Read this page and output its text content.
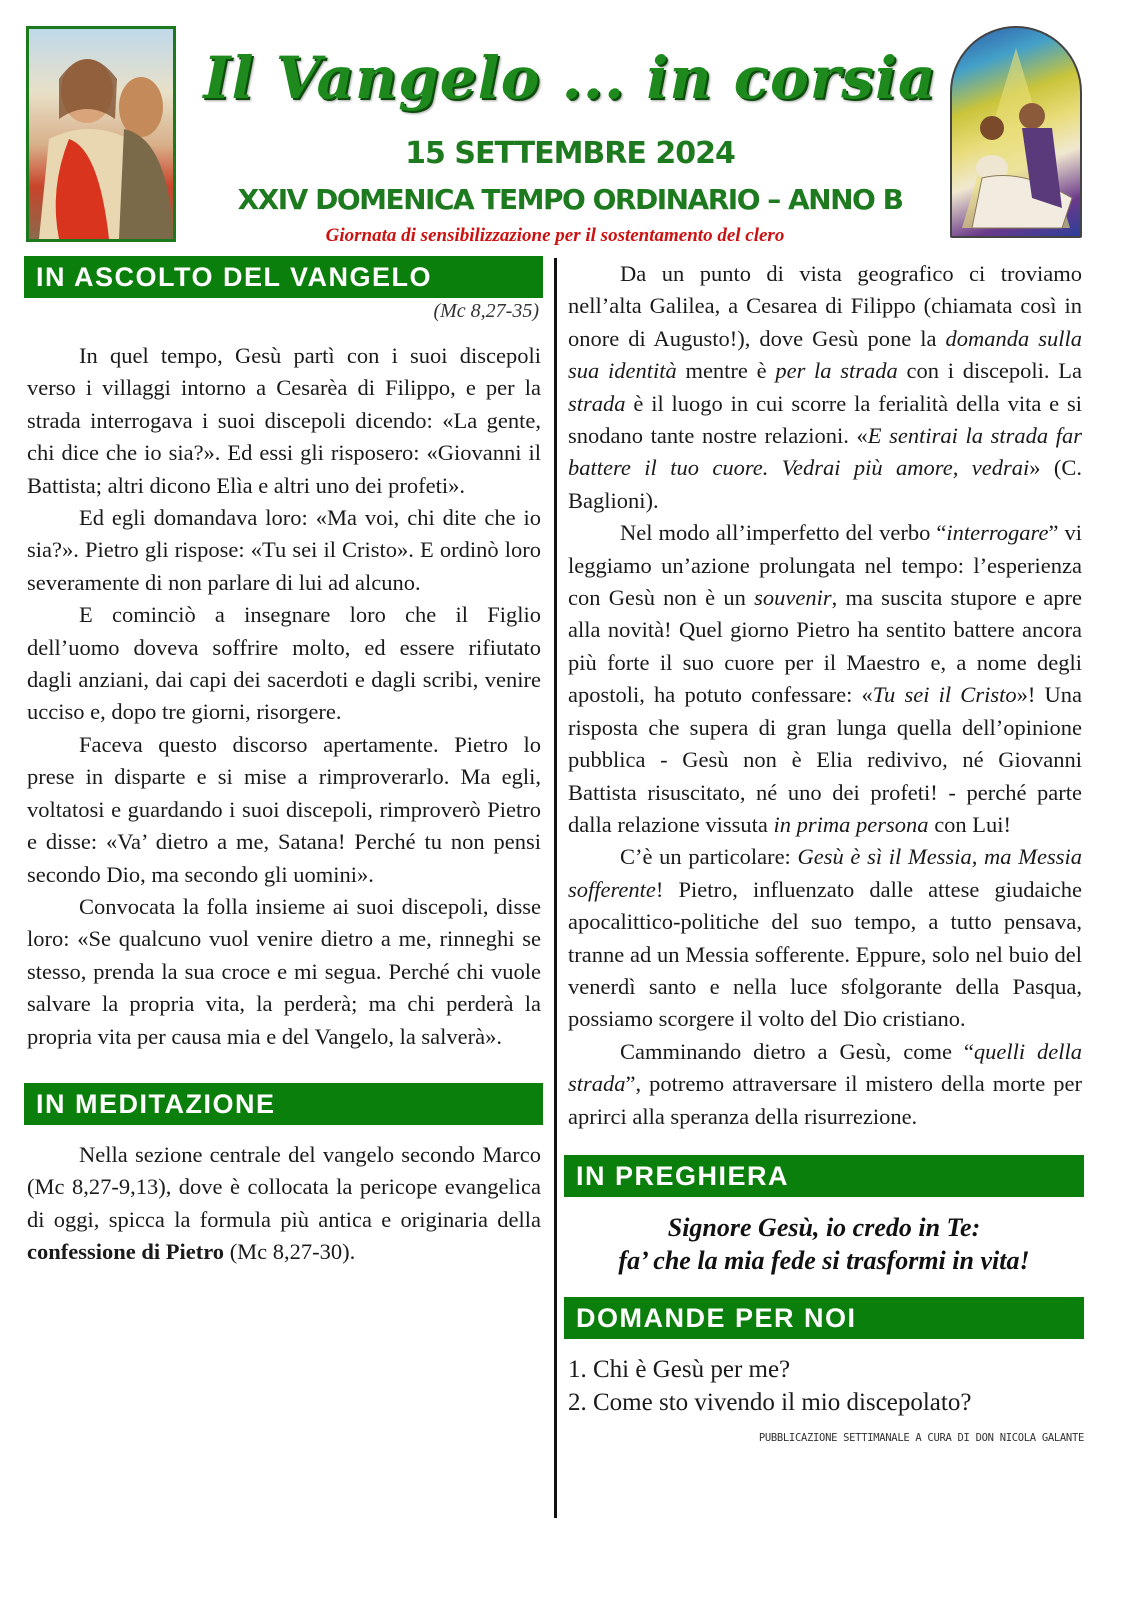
Il Vangelo ... in corsia
15 SETTEMBRE 2024
XXIV DOMENICA TEMPO ORDINARIO – ANNO B
Giornata di sensibilizzazione per il sostentamento del clero
IN ASCOLTO DEL VANGELO
(Mc 8,27-35)

In quel tempo, Gesù partì con i suoi discepoli verso i villaggi intorno a Cesarèa di Filippo, e per la strada interrogava i suoi discepoli dicendo: «La gente, chi dice che io sia?». Ed essi gli risposero: «Giovanni il Battista; altri dicono Elìa e altri uno dei profeti».

Ed egli domandava loro: «Ma voi, chi dite che io sia?». Pietro gli rispose: «Tu sei il Cristo». E ordinò loro severamente di non parlare di lui ad alcuno.

E cominciò a insegnare loro che il Figlio dell’uomo doveva soffrire molto, ed essere rifiutato dagli anziani, dai capi dei sacerdoti e dagli scribi, venire ucciso e, dopo tre giorni, risorgere.

Faceva questo discorso apertamente. Pietro lo prese in disparte e si mise a rimproverarlo. Ma egli, voltatosi e guardando i suoi discepoli, rimproverò Pietro e disse: «Va’ dietro a me, Satana! Perché tu non pensi secondo Dio, ma secondo gli uomini».

Convocata la folla insieme ai suoi discepoli, disse loro: «Se qualcuno vuol venire dietro a me, rinneghi se stesso, prenda la sua croce e mi segua. Perché chi vuole salvare la propria vita, la perderà; ma chi perderà la propria vita per causa mia e del Vangelo, la salverà».

IN MEDITAZIONE

Nella sezione centrale del vangelo secondo Marco (Mc 8,27-9,13), dove è collocata la pericope evangelica di oggi, spicca la formula più antica e originaria della confessione di Pietro (Mc 8,27-30).

Da un punto di vista geografico ci troviamo nell’alta Galilea, a Cesarea di Filippo (chiamata così in onore di Augusto!), dove Gesù pone la domanda sulla sua identità mentre è per la strada con i discepoli. La strada è il luogo in cui scorre la ferialità della vita e si snodano tante nostre relazioni. «E sentirai la strada far battere il tuo cuore. Vedrai più amore, vedrai» (C. Baglioni).

Nel modo all’imperfetto del verbo “interrogare” vi leggiamo un’azione prolungata nel tempo: l’esperienza con Gesù non è un souvenir, ma suscita stupore e apre alla novità! Quel giorno Pietro ha sentito battere ancora più forte il suo cuore per il Maestro e, a nome degli apostoli, ha potuto confessare: «Tu sei il Cristo»! Una risposta che supera di gran lunga quella dell’opinione pubblica - Gesù non è Elia redivivo, né Giovanni Battista risuscitato, né uno dei profeti! - perché parte dalla relazione vissuta in prima persona con Lui!

C’è un particolare: Gesù è sì il Messia, ma Messia sofferente! Pietro, influenzato dalle attese giudaiche apocalittico-politiche del suo tempo, a tutto pensava, tranne ad un Messia sofferente. Eppure, solo nel buio del venerdì santo e nella luce sfolgorante della Pasqua, possiamo scorgere il volto del Dio cristiano.

Camminando dietro a Gesù, come “quelli della strada”, potremo attraversare il mistero della morte per aprirci alla speranza della risurrezione.

IN PREGHIERA
Signore Gesù, io credo in Te:
fa’ che la mia fede si trasformi in vita!
DOMANDE PER NOI
1. Chi è Gesù per me?
2. Come sto vivendo il mio discepolato?
PUBBLICAZIONE SETTIMANALE A CURA DI DON NICOLA GALANTE
